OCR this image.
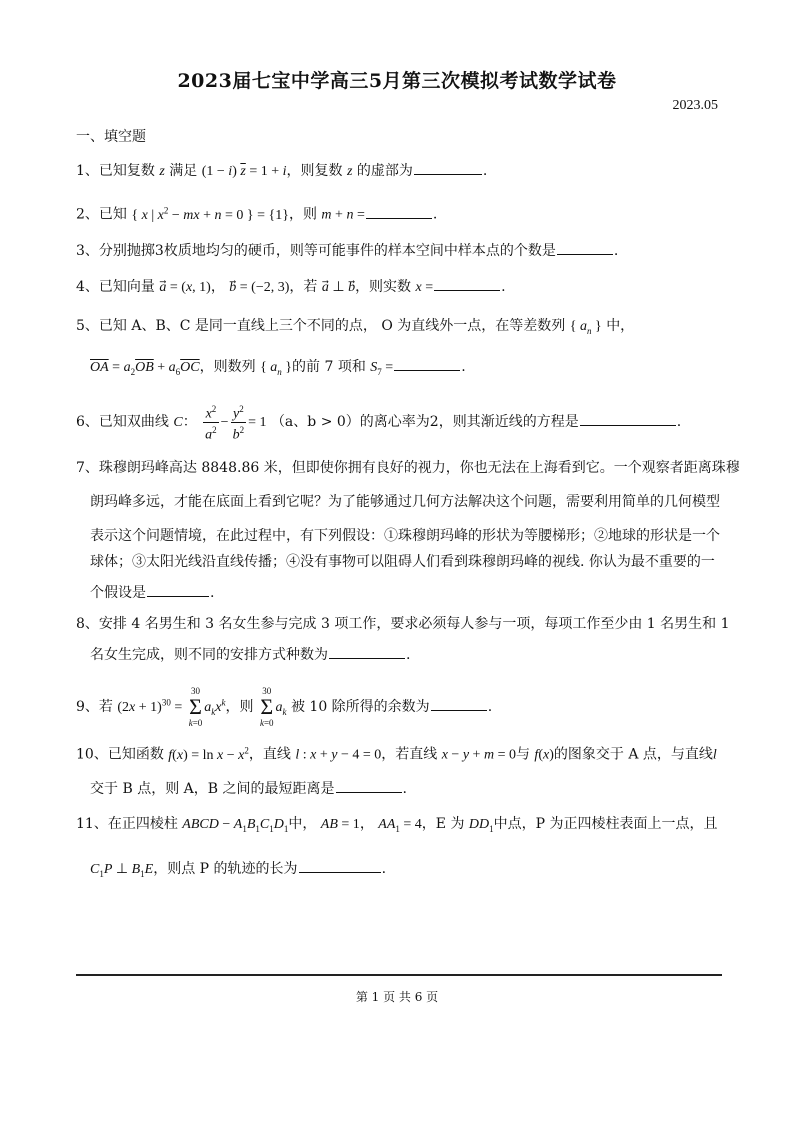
2023届七宝中学高三5月第三次模拟考试数学试卷
2023.05
一、填空题
1、已知复数 z 满足 (1 − i) $\overline{z} = 1 + i$，则复数 z 的虚部为	.
2、已知 { x | $x^2$ − mx + n = 0 } = {1}，则 m + n =	.
3、分别抛掷3枚质地均匀的硬币，则等可能事件的样本空间中样本点的个数是	.
4、已知向量 a⃗ = (x, 1)， b⃗ = (−2, 3)，若 a⃗ ⊥ b，则实数 x =	.
5、已知 A、B、C 是同一直线上三个不同的点， O 为直线外一点，在等差数列 { $a_n$ } 中，
$\overline{OA} = a_2\overline{OB} + a_6\overline{OC}$，则数列 { $a_n$ }的前 7 项和 $S_7$ =	.
6、已知双曲线 C： $\frac{x^2}{a^2} - \frac{y^2}{b^2} = 1$ （a、b > 0）的离心率为2，则其渐近线的方程是	.
7、珠穆朗玛峰高达 8848.86 米，但即使你拥有良好的视力，你也无法在上海看到它。一个观察者距离珠穆
朗玛峰多远，才能在底面上看到它呢？为了能够通过几何方法解决这个问题，需要利用简单的几何模型
表示这个问题情境，在此过程中，有下列假设：①珠穆朗玛峰的形状为等腰梯形；②地球的形状是一个
球体；③太阳光线沿直线传播；④没有事物可以阻碍人们看到珠穆朗玛峰的视线. 你认为最不重要的一
个假设是	.
8、安排 4 名男生和 3 名女生参与完成 3 项工作，要求必须每人参与一项，每项工作至少由 1 名男生和 1
名女生完成，则不同的安排方式种数为	.
9、若 $(2x + 1)^{30}$ =
30
Σ
k=0
$a_kx^k$，则
30
Σ
k=0
$a_k$ 被 10 除所得的余数为	.
10、已知函数 $f(x) = \ln x - x^2$，直线 l : x + y − 4 = 0，若直线 x − y + m = 0与 f(x)的图象交于 A 点，与直线l
交于 B 点，则 A，B 之间的最短距离是	.
11、在正四棱柱 ABCD − $A_1B_1C_1D_1$中， AB = 1， $AA_1 = 4$，E 为 $DD_1$中点，P 为正四棱柱表面上一点，且
$C_1P$ ⊥ $B_1E$，则点 P 的轨迹的长为	.
第 1 页 共 6 页
